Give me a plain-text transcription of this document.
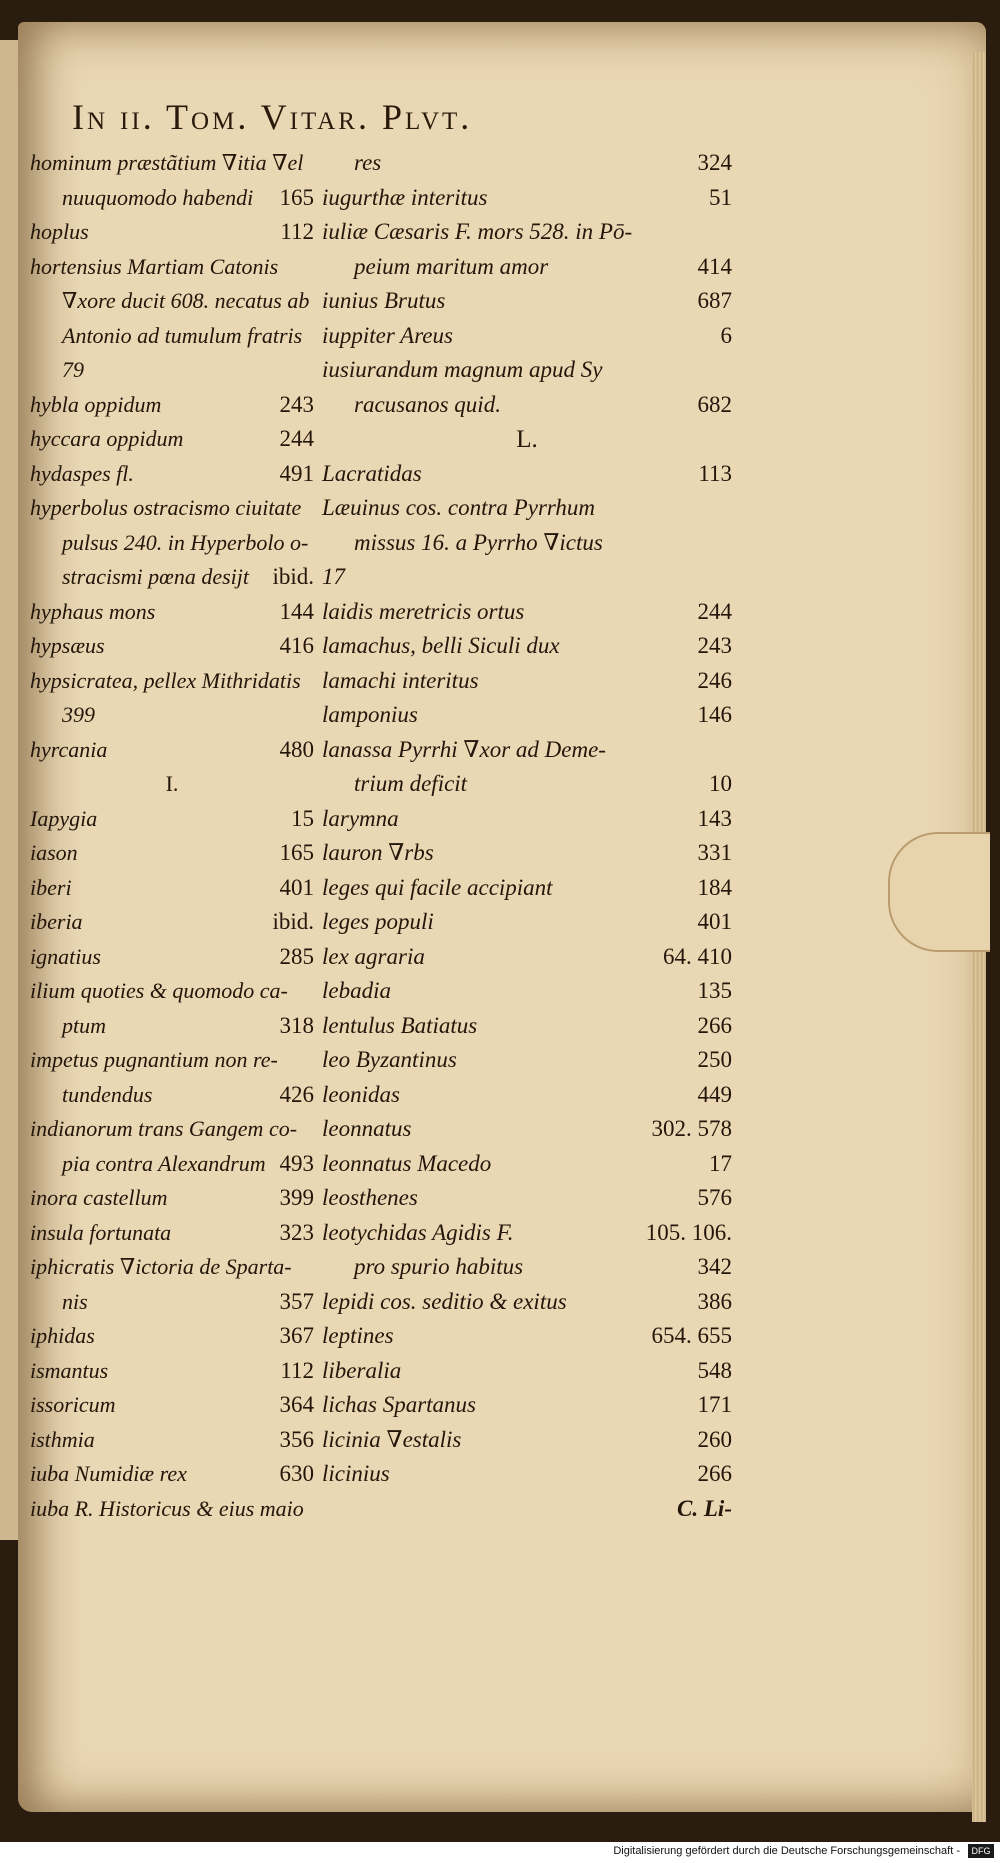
In ii. Tom. Vitar. Plvt.
hominum præstãtium ∇itia ∇el
nuuquomodo habendi 165
hoplus	112
hortensius Martiam Catonis
∇xore ducit 608. necatus ab
Antonio ad tumulum fratris
79
hybla oppidum	243
hyccara oppidum	244
hydaspes fl.	491
hyperbolus ostracismo ciuitate
pulsus 240. in Hyperbolo o-
stracismi pœna desijt ibid.
hyphaus mons	144
hypsæus	416
hypsicratea, pellex Mithridatis
399
hyrcania	480
I.
Iapygia	15
iason	165
iberi	401
iberia	ibid.
ignatius	285
ilium quoties & quomodo ca-
ptum	318
impetus pugnantium non re-
tundendus	426
indianorum trans Gangem co-
pia contra Alexandrum 493
inora castellum	399
insula fortunata	323
iphicratis ∇ictoria de Sparta-
nis	357
iphidas	367
ismantus	112
issoricum	364
isthmia	356
iuba Numidiæ rex	630
iuba R. Historicus & eius maio
res	324
iugurthæ interitus	51
iuliæ Cæsaris F. mors 528. in Pō-
peium maritum amor	414
iunius Brutus	687
iuppiter Areus	6
iusiurandum magnum apud Sy
racusanos quid.	682
L.
Lacratidas	113
Læuinus cos. contra Pyrrhum
missus 16. a Pyrrho ∇ictus
17
laidis meretricis ortus	244
lamachus, belli Siculi dux	243
lamachi interitus	246
lamponius	146
lanassa Pyrrhi ∇xor ad Deme-
trium deficit	10
larymna	143
lauron ∇rbs	331
leges qui facile accipiant	184
leges populi	401
lex agraria	64. 410
lebadia	135
lentulus Batiatus	266
leo Byzantinus	250
leonidas	449
leonnatus	302. 578
leonnatus Macedo	17
leosthenes	576
leotychidas Agidis F.	105. 106.
pro spurio habitus	342
lepidi cos. seditio & exitus	386
leptines	654. 655
liberalia	548
lichas Spartanus	171
licinia ∇estalis	260
licinius	266
C. Li-
Digitalisierung gefördert durch die Deutsche Forschungsgemeinschaft -	DFG
